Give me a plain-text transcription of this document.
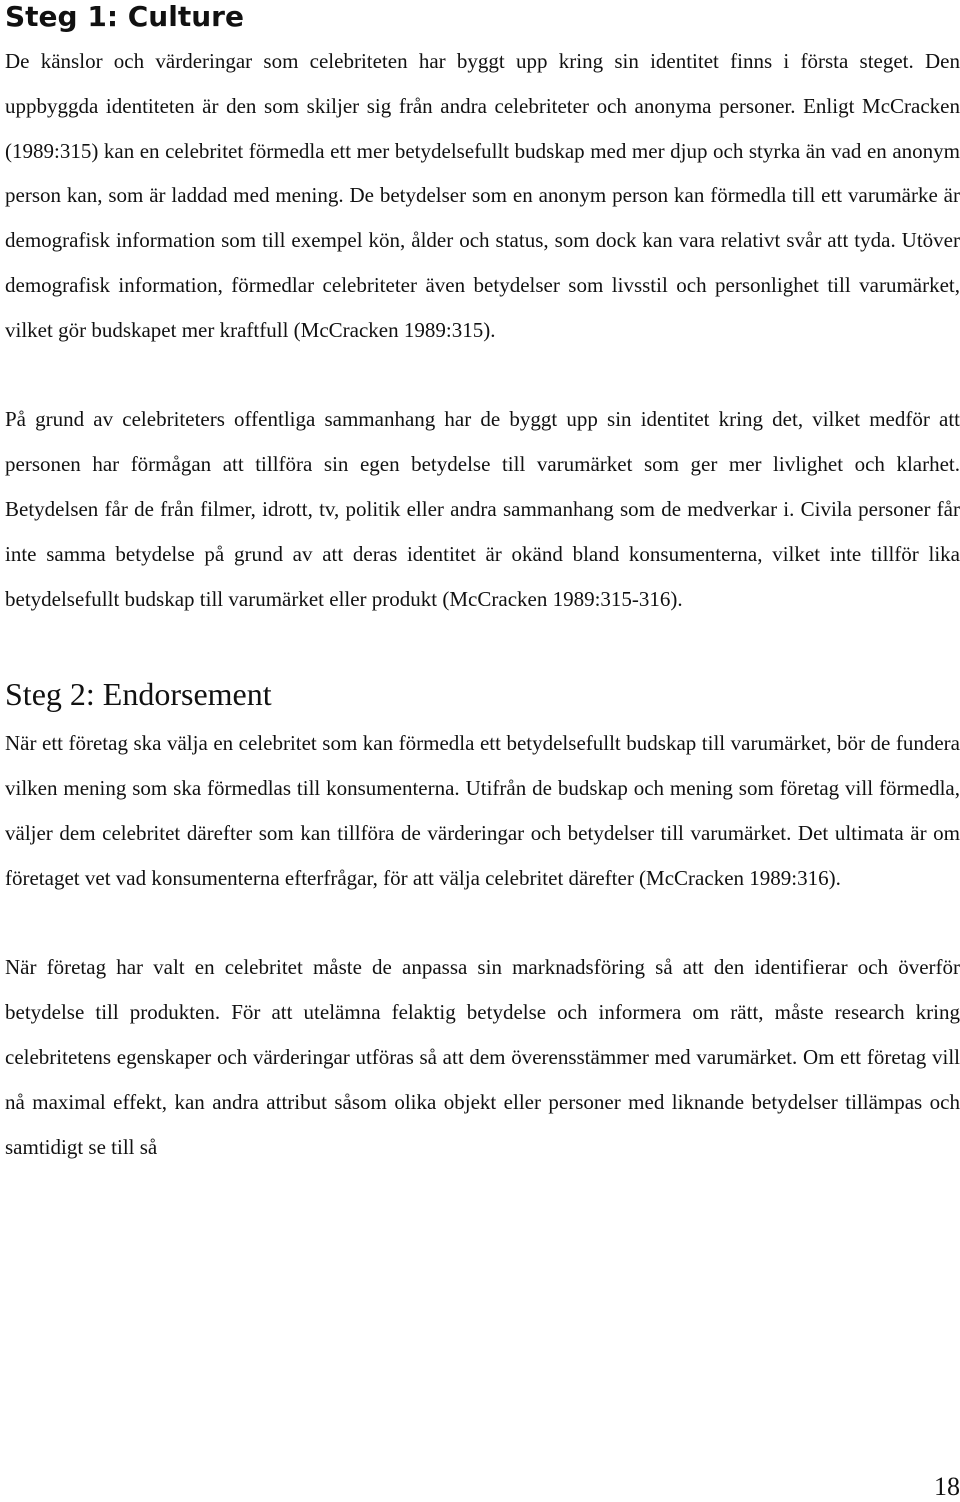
Steg 1: Culture

De känslor och värderingar som celebriteten har byggt upp kring sin identitet finns i första steget. Den uppbyggda identiteten är den som skiljer sig från andra celebriteter och anonyma personer. Enligt McCracken (1989:315) kan en celebritet förmedla ett mer betydelsefullt budskap med mer djup och styrka än vad en anonym person kan, som är laddad med mening. De betydelser som en anonym person kan förmedla till ett varumärke är demografisk information som till exempel kön, ålder och status, som dock kan vara relativt svår att tyda. Utöver demografisk information, förmedlar celebriteter även betydelser som livsstil och personlighet till varumärket, vilket gör budskapet mer kraftfull (McCracken 1989:315).

På grund av celebriteters offentliga sammanhang har de byggt upp sin identitet kring det, vilket medför att personen har förmågan att tillföra sin egen betydelse till varumärket som ger mer livlighet och klarhet. Betydelsen får de från filmer, idrott, tv, politik eller andra sammanhang som de medverkar i. Civila personer får inte samma betydelse på grund av att deras identitet är okänd bland konsumenterna, vilket inte tillför lika betydelsefullt budskap till varumärket eller produkt (McCracken 1989:315-316).

Steg 2: Endorsement

När ett företag ska välja en celebritet som kan förmedla ett betydelsefullt budskap till varumärket, bör de fundera vilken mening som ska förmedlas till konsumenterna. Utifrån de budskap och mening som företag vill förmedla, väljer dem celebritet därefter som kan tillföra de värderingar och betydelser till varumärket. Det ultimata är om företaget vet vad konsumenterna efterfrågar, för att välja celebritet därefter (McCracken 1989:316).

När företag har valt en celebritet måste de anpassa sin marknadsföring så att den identifierar och överför betydelse till produkten. För att utelämna felaktig betydelse och informera om rätt, måste research kring celebritetens egenskaper och värderingar utföras så att dem överensstämmer med varumärket. Om ett företag vill nå maximal effekt, kan andra attribut såsom olika objekt eller personer med liknande betydelser tillämpas och samtidigt se till så

18
